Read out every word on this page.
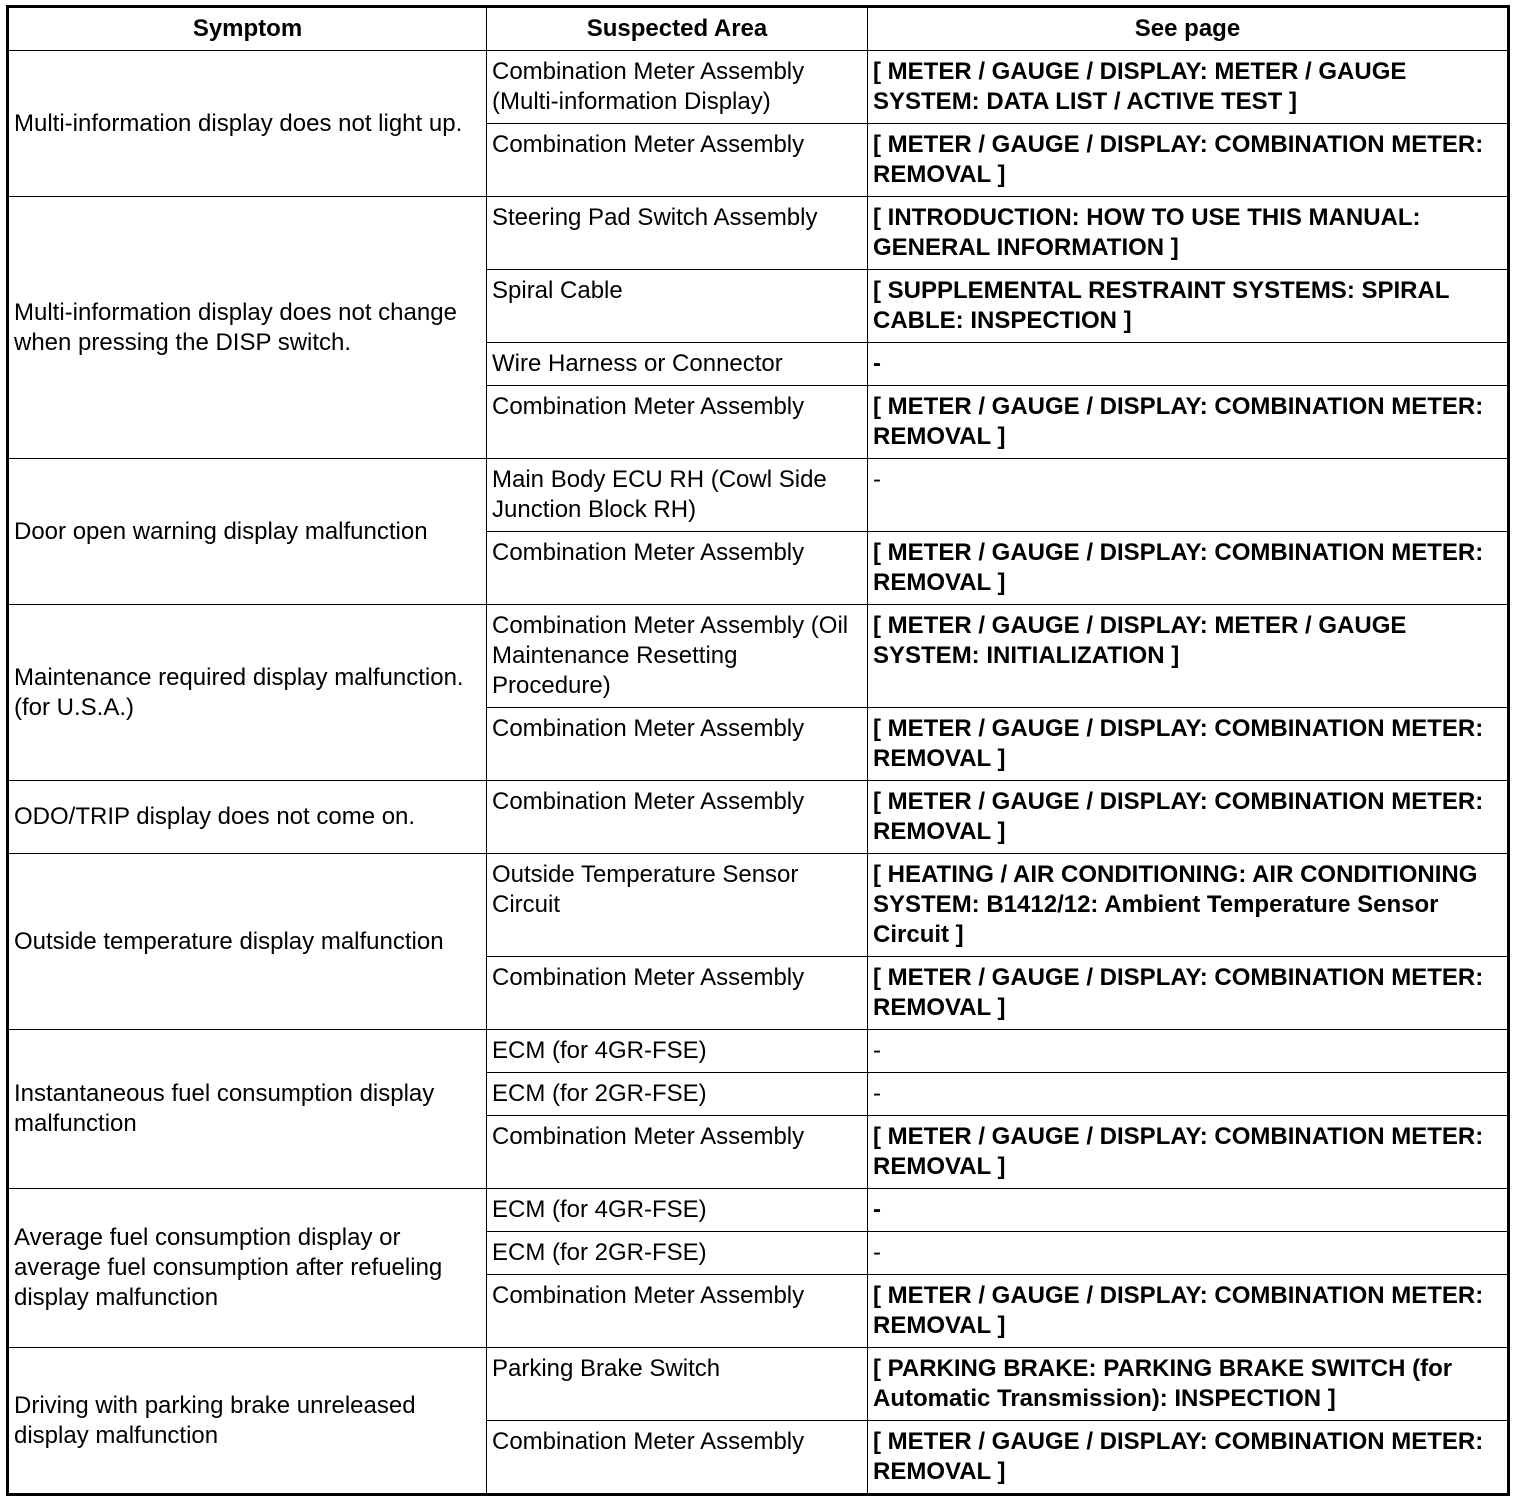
Symptom	Suspected Area	See page
Multi-information display does not light up.	Combination Meter Assembly (Multi-information Display)	[ METER / GAUGE / DISPLAY: METER / GAUGE SYSTEM: DATA LIST / ACTIVE TEST ]
	Combination Meter Assembly	[ METER / GAUGE / DISPLAY: COMBINATION METER: REMOVAL ]
Multi-information display does not change when pressing the DISP switch.	Steering Pad Switch Assembly	[ INTRODUCTION: HOW TO USE THIS MANUAL: GENERAL INFORMATION ]
	Spiral Cable	[ SUPPLEMENTAL RESTRAINT SYSTEMS: SPIRAL CABLE: INSPECTION ]
	Wire Harness or Connector	-
	Combination Meter Assembly	[ METER / GAUGE / DISPLAY: COMBINATION METER: REMOVAL ]
Door open warning display malfunction	Main Body ECU RH (Cowl Side Junction Block RH)	-
	Combination Meter Assembly	[ METER / GAUGE / DISPLAY: COMBINATION METER: REMOVAL ]
Maintenance required display malfunction. (for U.S.A.)	Combination Meter Assembly (Oil Maintenance Resetting Procedure)	[ METER / GAUGE / DISPLAY: METER / GAUGE SYSTEM: INITIALIZATION ]
	Combination Meter Assembly	[ METER / GAUGE / DISPLAY: COMBINATION METER: REMOVAL ]
ODO/TRIP display does not come on.	Combination Meter Assembly	[ METER / GAUGE / DISPLAY: COMBINATION METER: REMOVAL ]
Outside temperature display malfunction	Outside Temperature Sensor Circuit	[ HEATING / AIR CONDITIONING: AIR CONDITIONING SYSTEM: B1412/12: Ambient Temperature Sensor Circuit ]
	Combination Meter Assembly	[ METER / GAUGE / DISPLAY: COMBINATION METER: REMOVAL ]
Instantaneous fuel consumption display malfunction	ECM (for 4GR-FSE)	-
	ECM (for 2GR-FSE)	-
	Combination Meter Assembly	[ METER / GAUGE / DISPLAY: COMBINATION METER: REMOVAL ]
Average fuel consumption display or average fuel consumption after refueling display malfunction	ECM (for 4GR-FSE)	-
	ECM (for 2GR-FSE)	-
	Combination Meter Assembly	[ METER / GAUGE / DISPLAY: COMBINATION METER: REMOVAL ]
Driving with parking brake unreleased display malfunction	Parking Brake Switch	[ PARKING BRAKE: PARKING BRAKE SWITCH (for Automatic Transmission): INSPECTION ]
	Combination Meter Assembly	[ METER / GAUGE / DISPLAY: COMBINATION METER: REMOVAL ]
